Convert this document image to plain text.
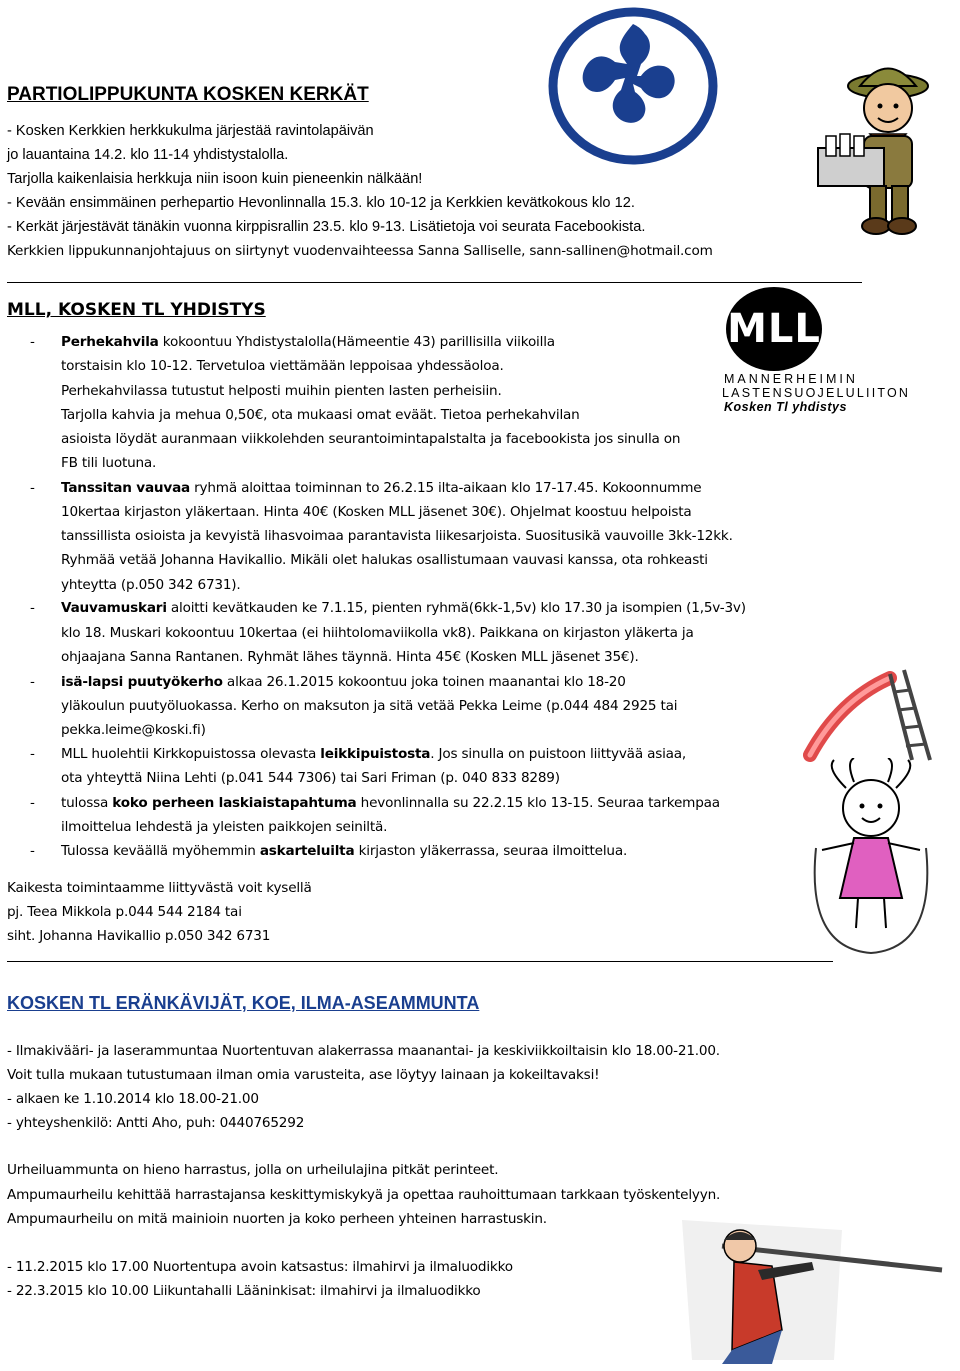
PARTIOLIPPUKUNTA KOSKEN KERKÄT
- Kosken Kerkkien herkkukulma järjestää ravintolapäivän
jo lauantaina 14.2. klo 11-14 yhdistystalolla.
Tarjolla kaikenlaisia herkkuja niin isoon kuin pieneenkin nälkään!
- Kevään ensimmäinen perhepartio Hevonlinnalla 15.3. klo 10-12 ja Kerkkien kevätkokous klo 12.
- Kerkät järjestävät tänäkin vuonna kirppisrallin 23.5. klo 9-13. Lisätietoja voi seurata Facebookista.
Kerkkien lippukunnanjohtajuus on siirtynyt vuodenvaihteessa Sanna Salliselle, sann-sallinen@hotmail.com
MLL, KOSKEN TL YHDISTYS	MLL
MANNERHEIMIN
LASTENSUOJELULIITON
Kosken Tl yhdistys
- Perhekahvila kokoontuu Yhdistystalolla(Hämeentie 43) parillisilla viikoilla
torstaisin klo 10-12. Tervetuloa viettämään leppoisaa yhdessäoloa.
Perhekahvilassa tutustut helposti muihin pienten lasten perheisiin.
Tarjolla kahvia ja mehua 0,50€, ota mukaasi omat eväät. Tietoa perhekahvilan
asioista löydät auranmaan viikkolehden seurantoimintapalstalta ja facebookista jos sinulla on
FB tili luotuna.
- Tanssitan vauvaa ryhmä aloittaa toiminnan to 26.2.15 ilta-aikaan klo 17-17.45. Kokoonnumme
10kertaa kirjaston yläkertaan. Hinta 40€ (Kosken MLL jäsenet 30€). Ohjelmat koostuu helpoista
tanssillista osioista ja kevyistä lihasvoimaa parantavista liikesarjoista. Suositusikä vauvoille 3kk-12kk.
Ryhmää vetää Johanna Havikallio. Mikäli olet halukas osallistumaan vauvasi kanssa, ota rohkeasti
yhteytta (p.050 342 6731).
- Vauvamuskari aloitti kevätkauden ke 7.1.15, pienten ryhmä(6kk-1,5v) klo 17.30 ja isompien (1,5v-3v)
klo 18. Muskari kokoontuu 10kertaa (ei hiihtolomaviikolla vk8). Paikkana on kirjaston yläkerta ja
ohjaajana Sanna Rantanen. Ryhmät lähes täynnä. Hinta 45€ (Kosken MLL jäsenet 35€).
- isä-lapsi puutyökerho alkaa 26.1.2015 kokoontuu joka toinen maanantai klo 18-20
yläkoulun puutyöluokassa. Kerho on maksuton ja sitä vetää Pekka Leime (p.044 484 2925 tai
pekka.leime@koski.fi)
- MLL huolehtii Kirkkopuistossa olevasta leikkipuistosta. Jos sinulla on puistoon liittyvää asiaa,
ota yhteyttä Niina Lehti (p.041 544 7306) tai Sari Friman (p. 040 833 8289)
- tulossa koko perheen laskiaistapahtuma hevonlinnalla su 22.2.15 klo 13-15. Seuraa tarkempaa
ilmoittelua lehdestä ja yleisten paikkojen seiniltä.
- Tulossa keväällä myöhemmin askarteluilta kirjaston yläkerrassa, seuraa ilmoittelua.
Kaikesta toimintaamme liittyvästä voit kysellä
pj. Teea Mikkola p.044 544 2184 tai
siht. Johanna Havikallio p.050 342 6731
KOSKEN TL ERÄNKÄVIJÄT, KOE, ILMA-ASEAMMUNTA
- Ilmakivääri- ja laserammuntaa Nuortentuvan alakerrassa maanantai- ja keskiviikkoiltaisin klo 18.00-21.00.
Voit tulla mukaan tutustumaan ilman omia varusteita, ase löytyy lainaan ja kokeiltavaksi!
- alkaen ke 1.10.2014 klo 18.00-21.00
- yhteyshenkilö: Antti Aho, puh: 0440765292
Urheiluammunta on hieno harrastus, jolla on urheilulajina pitkät perinteet.
Ampumaurheilu kehittää harrastajansa keskittymiskykyä ja opettaa rauhoittumaan tarkkaan työskentelyyn.
Ampumaurheilu on mitä mainioin nuorten ja koko perheen yhteinen harrastuskin.
- 11.2.2015 klo 17.00 Nuortentupa avoin katsastus: ilmahirvi ja ilmaluodikko
- 22.3.2015 klo 10.00 Liikuntahalli Lääninkisat: ilmahirvi ja ilmaluodikko
